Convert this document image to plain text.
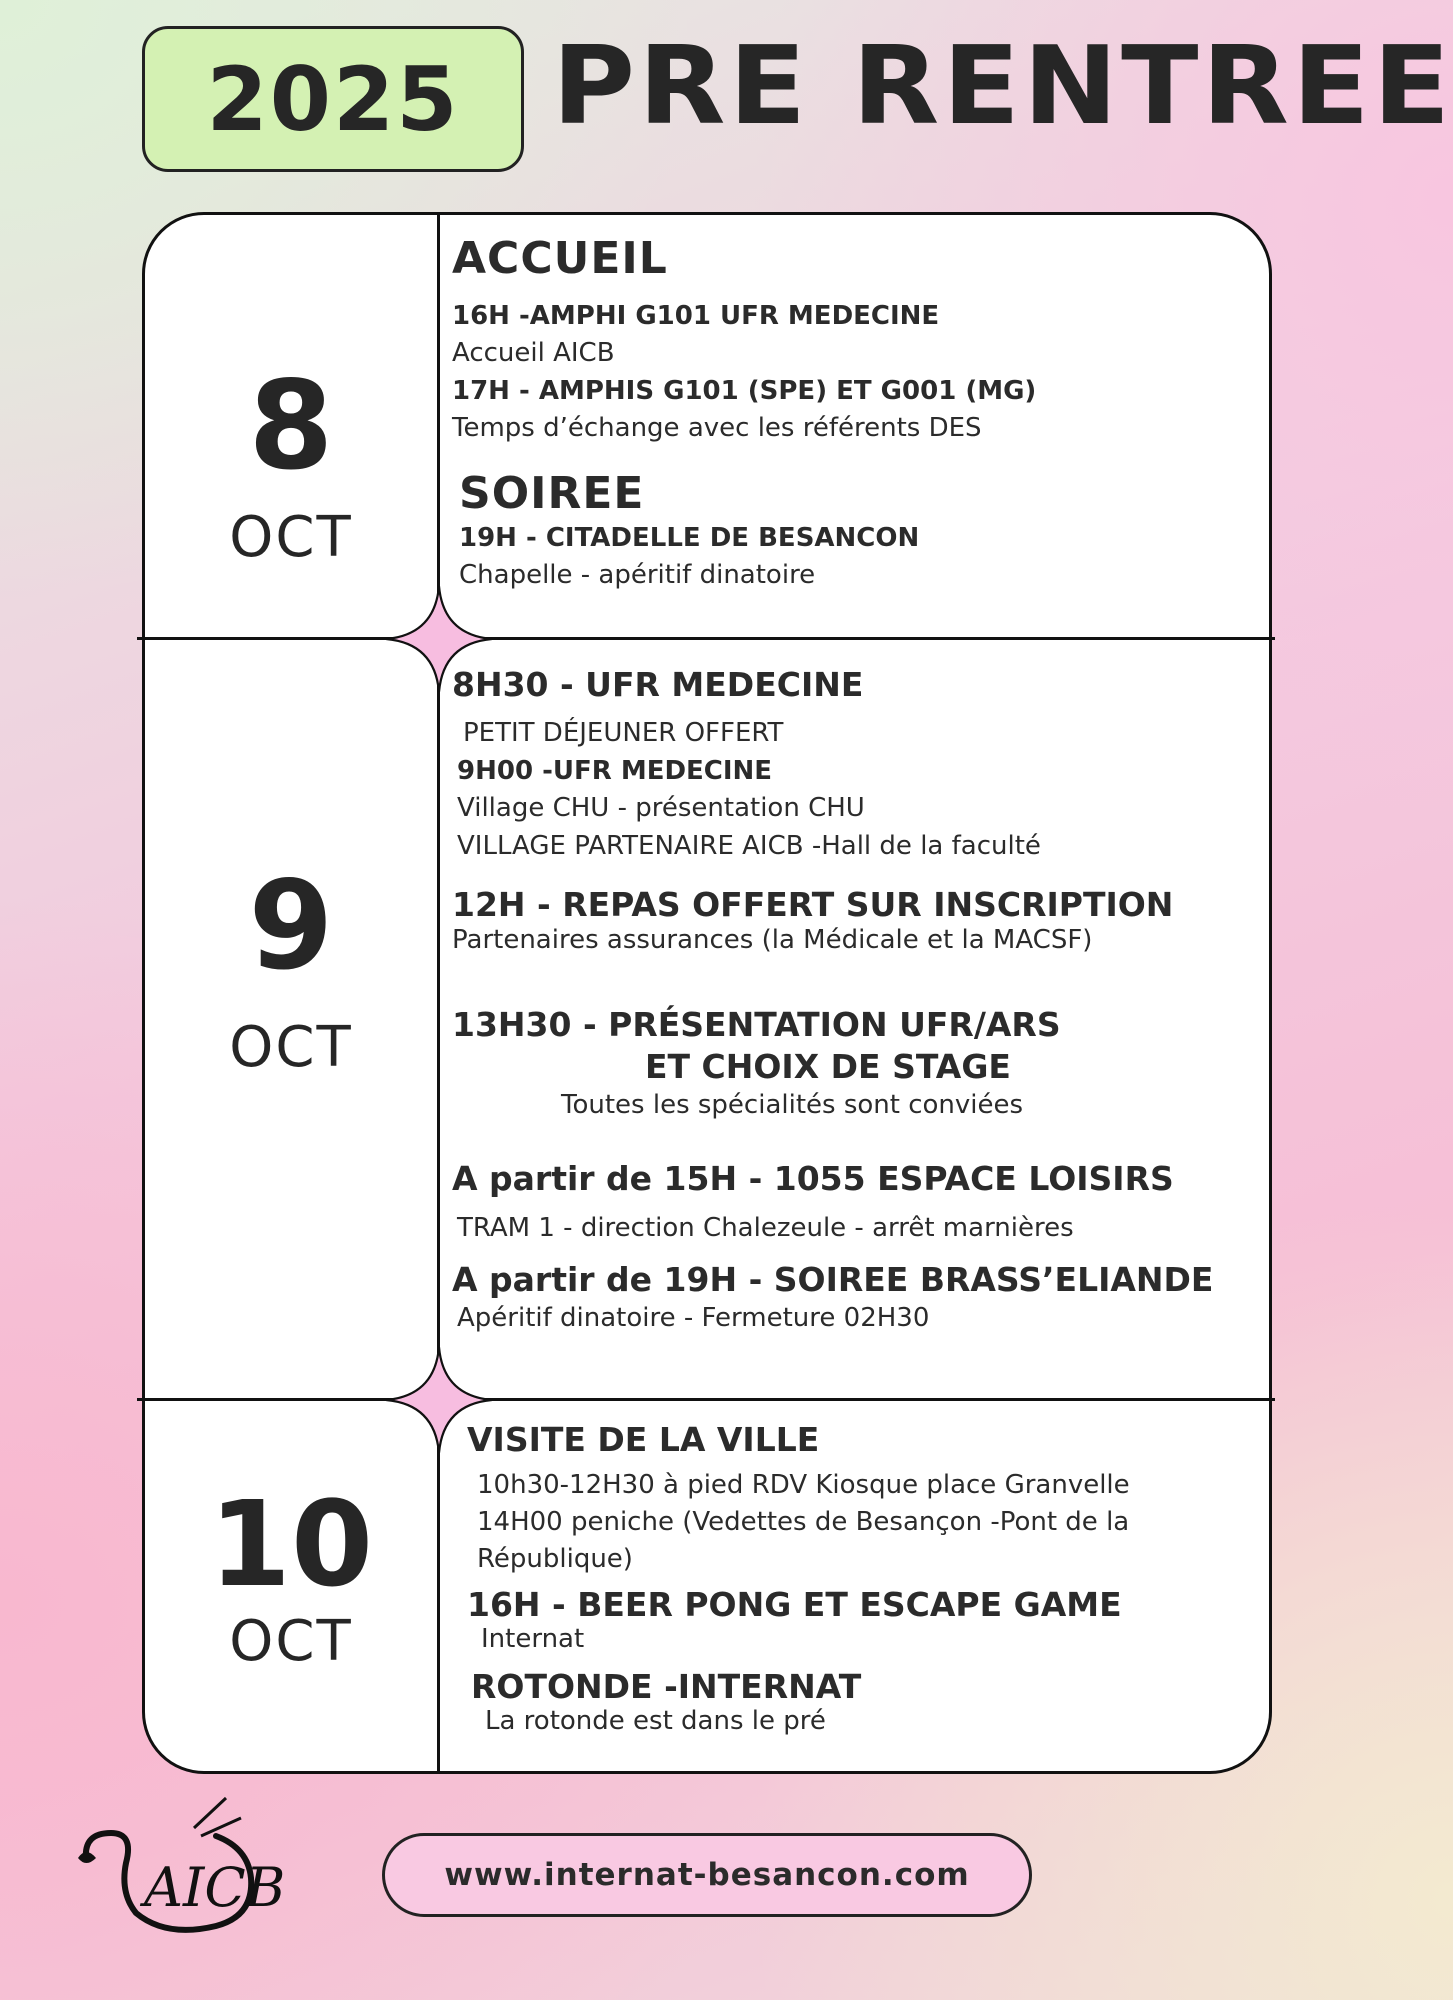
2025 PRE RENTREE
8
OCT
ACCUEIL
16H -AMPHI G101 UFR MEDECINE
Accueil AICB
17H - AMPHIS G101 (SPE) ET G001 (MG)
Temps d’échange avec les référents DES
SOIREE
19H - CITADELLE DE BESANCON
Chapelle - apéritif dinatoire
9
OCT
8H30 - UFR MEDECINE
PETIT DÉJEUNER OFFERT
9H00 -UFR MEDECINE
Village CHU - présentation CHU
VILLAGE PARTENAIRE AICB -Hall de la faculté
12H - REPAS OFFERT SUR INSCRIPTION
Partenaires assurances (la Médicale et la MACSF)
13H30 - PRÉSENTATION UFR/ARS
ET CHOIX DE STAGE
Toutes les spécialités sont conviées
A partir de 15H - 1055 ESPACE LOISIRS
TRAM 1 - direction Chalezeule - arrêt marnières
A partir de 19H - SOIREE BRASS’ELIANDE
Apéritif dinatoire - Fermeture 02H30
10
OCT
VISITE DE LA VILLE
10h30-12H30 à pied RDV Kiosque place Granvelle
14H00 peniche (Vedettes de Besançon -Pont de la
République)
16H - BEER PONG ET ESCAPE GAME
Internat
ROTONDE -INTERNAT
La rotonde est dans le pré
AICB	www.internat-besancon.com
